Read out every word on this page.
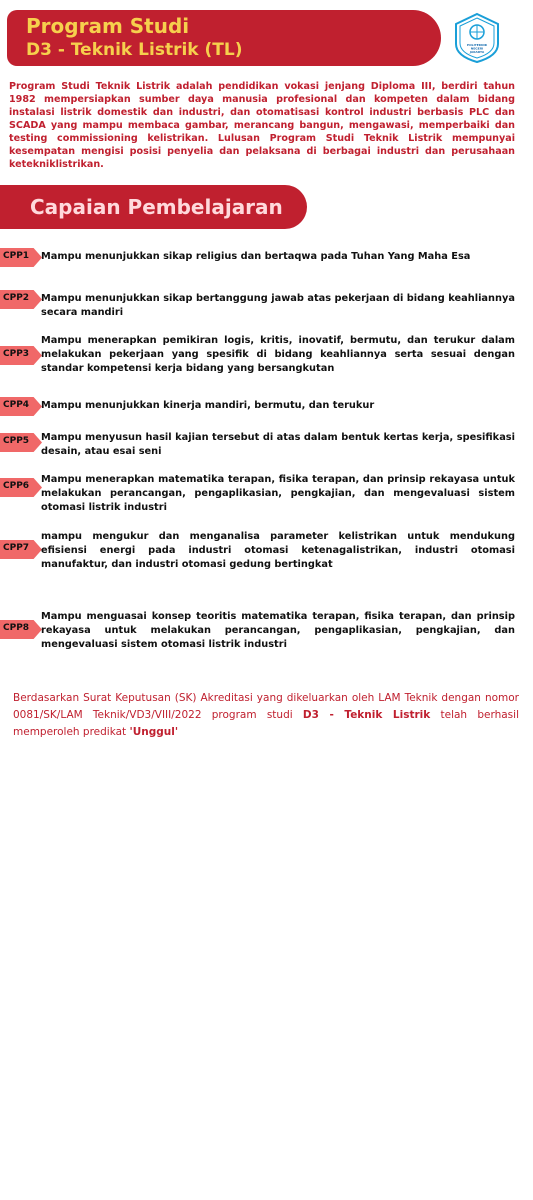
Program Studi
D3 - Teknik Listrik (TL)	POLITEKNIK
NEGERI
JAKARTA

Program Studi Teknik Listrik adalah pendidikan vokasi jenjang Diploma III, berdiri tahun 1982 mempersiapkan sumber daya manusia profesional dan kompeten dalam bidang instalasi listrik domestik dan industri, dan otomatisasi kontrol industri berbasis PLC dan SCADA yang mampu membaca gambar, merancang bangun, mengawasi, memperbaiki dan testing commissioning kelistrikan. Lulusan Program Studi Teknik Listrik mempunyai kesempatan mengisi posisi penyelia dan pelaksana di berbagai industri dan perusahaan ketekniklistrikan.

Capaian Pembelajaran
CPP1 Mampu menunjukkan sikap religius dan bertaqwa pada Tuhan Yang Maha Esa

CPP2 Mampu menunjukkan sikap bertanggung jawab atas pekerjaan di bidang keahliannya secara mandiri

CPP3

Mampu menerapkan pemikiran logis, kritis, inovatif, bermutu, dan terukur dalam melakukan pekerjaan yang spesifik di bidang keahliannya serta sesuai dengan standar kompetensi kerja bidang yang bersangkutan

CPP4 Mampu menunjukkan kinerja mandiri, bermutu, dan terukur

CPP5 Mampu menyusun hasil kajian tersebut di atas dalam bentuk kertas kerja, spesifikasi desain, atau esai seni

CPP6

Mampu menerapkan matematika terapan, fisika terapan, dan prinsip rekayasa untuk melakukan perancangan, pengaplikasian, pengkajian, dan mengevaluasi sistem otomasi listrik industri

CPP7

mampu mengukur dan menganalisa parameter kelistrikan untuk mendukung efisiensi energi pada industri otomasi ketenagalistrikan, industri otomasi manufaktur, dan industri otomasi gedung bertingkat

CPP8

Mampu menguasai konsep teoritis matematika terapan, fisika terapan, dan prinsip rekayasa untuk melakukan perancangan, pengaplikasian, pengkajian, dan mengevaluasi sistem otomasi listrik industri

Berdasarkan Surat Keputusan (SK) Akreditasi yang dikeluarkan oleh LAM Teknik dengan nomor 0081/SK/LAM Teknik/VD3/VIII/2022 program studi D3 - Teknik Listrik telah berhasil memperoleh predikat 'Unggul'
